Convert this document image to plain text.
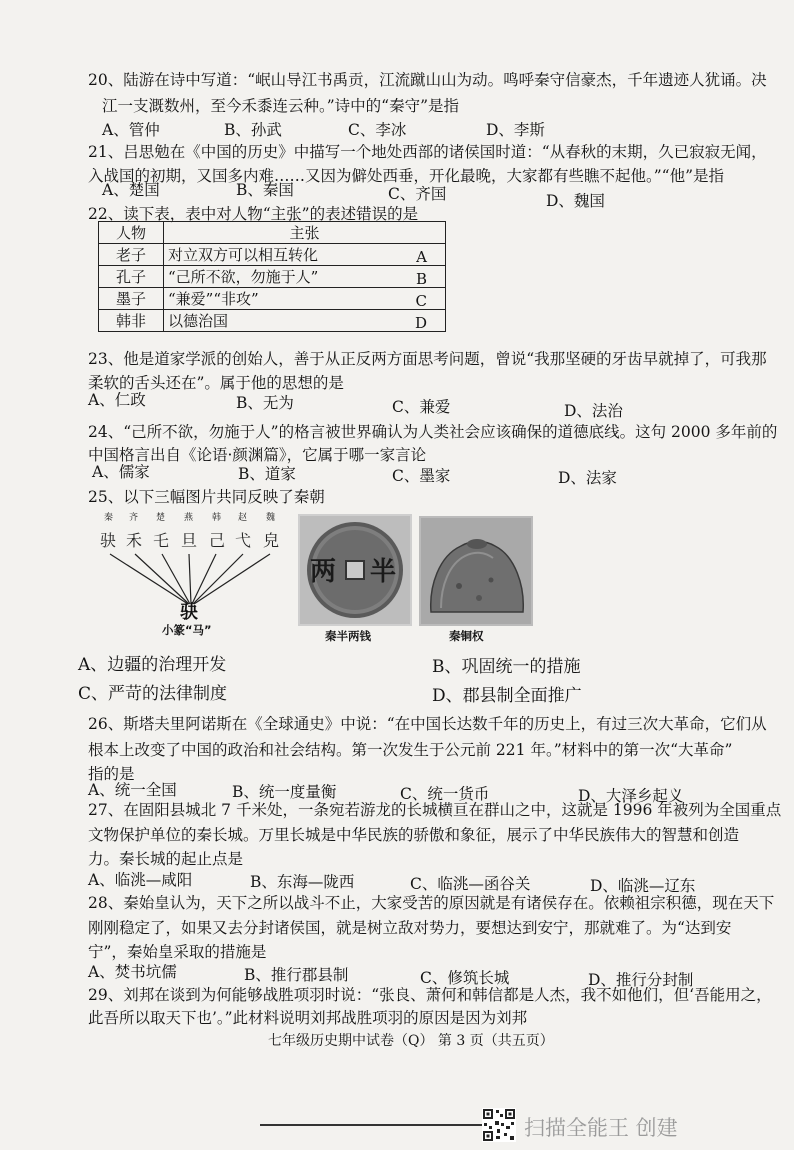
20、陆游在诗中写道：“岷山导江书禹贡，江流蹴山山为动。鸣呼秦守信豪杰，千年遗迹人犹诵。决
江一支溉数州，至今禾黍连云种。”诗中的“秦守”是指
A、管仲	B、孙武	C、李冰	D、李斯
21、吕思勉在《中国的历史》中描写一个地处西部的诸侯国时道：“从春秋的末期，久已寂寂无闻，
入战国的初期，又国多内难……又因为僻处西垂，开化最晚，大家都有些瞧不起他。”“他”是指
A、楚国	B、秦国	C、齐国	D、魏国
22、读下表，表中对人物“主张”的表述错误的是
人物	主张
老子	对立双方可以相互转化 A

孔子	“己所不欲，勿施于人” B

墨子	“兼爱”“非攻” C

韩非	以德治国 D
23、他是道家学派的创始人，善于从正反两方面思考问题，曾说“我那坚硬的牙齿早就掉了，可我那
柔软的舌头还在”。属于他的思想的是
A、仁政	B、无为	C、兼爱	D、法治
24、“己所不欲，勿施于人”的格言被世界确认为人类社会应该确保的道德底线。这句 2000 多年前的
中国格言出自《论语·颜渊篇》，它属于哪一家言论
A、儒家	B、道家	C、墨家	D、法家
25、以下三幅图片共同反映了秦朝
秦 齐 楚 燕 韩 赵 魏
𫘝 禾 乇 旦 己 弋 皃
𫘝
小篆“马”
两 半
秦半两钱	秦铜权
A、边疆的治理开发	B、巩固统一的措施
C、严苛的法律制度	D、郡县制全面推广
26、斯塔夫里阿诺斯在《全球通史》中说：“在中国长达数千年的历史上，有过三次大革命，它们从
根本上改变了中国的政治和社会结构。第一次发生于公元前 221 年。”材料中的第一次“大革命”
指的是
A、统一全国	B、统一度量衡	C、统一货币	D、大泽乡起义
27、在固阳县城北 7 千米处，一条宛若游龙的长城横亘在群山之中，这就是 1996 年被列为全国重点
文物保护单位的秦长城。万里长城是中华民族的骄傲和象征，展示了中华民族伟大的智慧和创造
力。秦长城的起止点是
A、临洮—咸阳	B、东海—陇西	C、临洮—函谷关	D、临洮—辽东
28、秦始皇认为，天下之所以战斗不止，大家受苦的原因就是有诸侯存在。依赖祖宗积德，现在天下
刚刚稳定了，如果又去分封诸侯国，就是树立敌对势力，要想达到安宁，那就难了。为“达到安
宁”，秦始皇采取的措施是
A、焚书坑儒	B、推行郡县制	C、修筑长城	D、推行分封制
29、刘邦在谈到为何能够战胜项羽时说：“张良、萧何和韩信都是人杰，我不如他们，但‘吾能用之，
此吾所以取天下也’。”此材料说明刘邦战胜项羽的原因是因为刘邦
七年级历史期中试卷（Q） 第 3 页（共五页）
扫描全能王 创建
